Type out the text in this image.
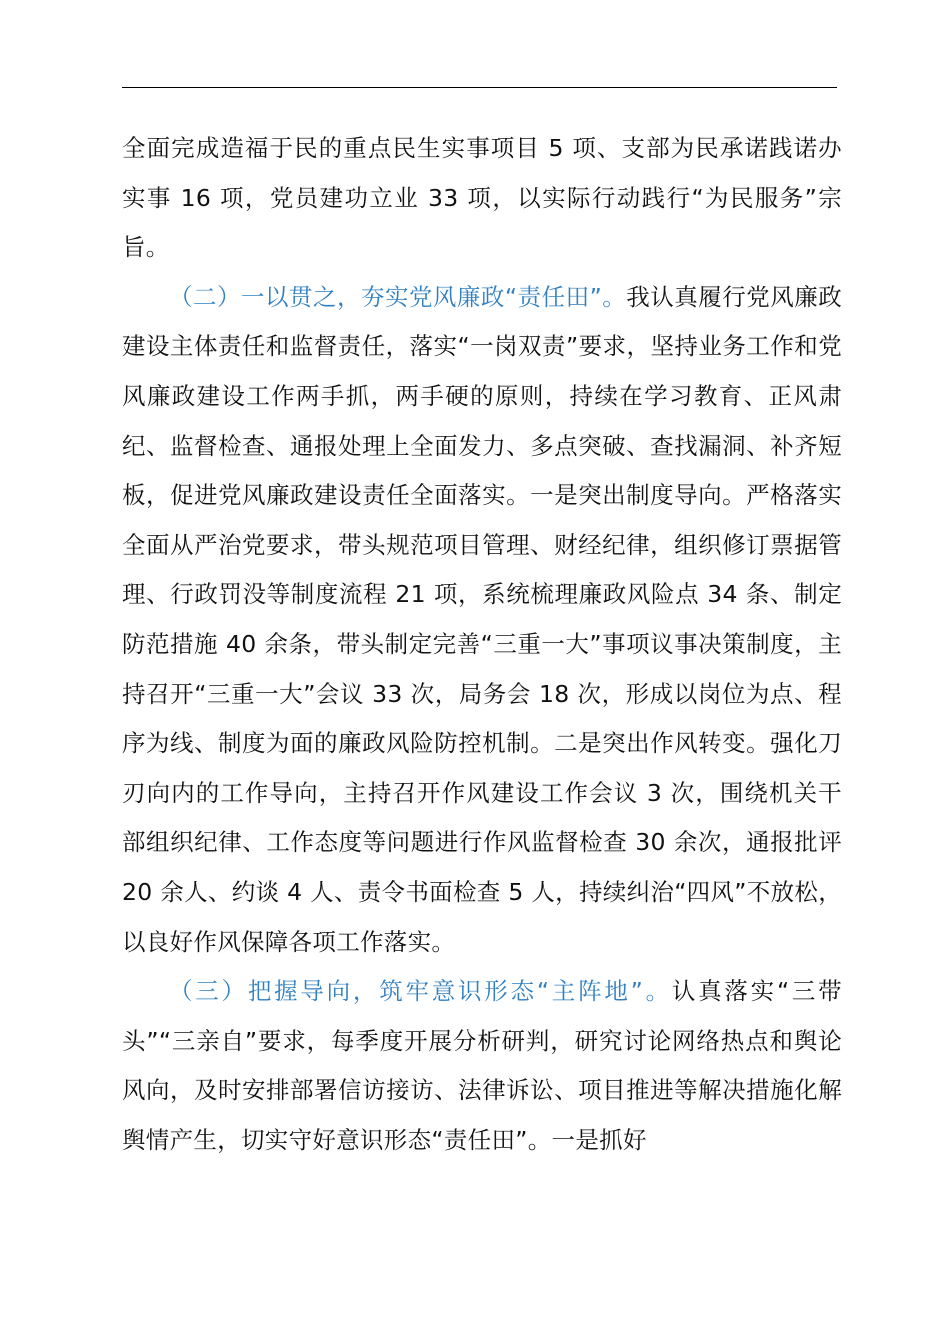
全面完成造福于民的重点民生实事项目 5 项、支部为民承诺践诺办实事 16 项，党员建功立业 33 项，以实际行动践行“为民服务”宗旨。

（二）一以贯之，夯实党风廉政“责任田”。我认真履行党风廉政建设主体责任和监督责任，落实“一岗双责”要求，坚持业务工作和党风廉政建设工作两手抓，两手硬的原则，持续在学习教育、正风肃纪、监督检查、通报处理上全面发力、多点突破、查找漏洞、补齐短板，促进党风廉政建设责任全面落实。一是突出制度导向。严格落实全面从严治党要求，带头规范项目管理、财经纪律，组织修订票据管理、行政罚没等制度流程 21 项，系统梳理廉政风险点 34 条、制定防范措施 40 余条，带头制定完善“三重一大”事项议事决策制度，主持召开“三重一大”会议 33 次，局务会 18 次，形成以岗位为点、程序为线、制度为面的廉政风险防控机制。二是突出作风转变。强化刀刃向内的工作导向，主持召开作风建设工作会议 3 次，围绕机关干部组织纪律、工作态度等问题进行作风监督检查 30 余次，通报批评 20 余人、约谈 4 人、责令书面检查 5 人，持续纠治“四风”不放松，以良好作风保障各项工作落实。

（三）把握导向，筑牢意识形态“主阵地”。认真落实“三带头”“三亲自”要求，每季度开展分析研判，研究讨论网络热点和舆论风向，及时安排部署信访接访、法律诉讼、项目推进等解决措施化解舆情产生，切实守好意识形态“责任田”。一是抓好
